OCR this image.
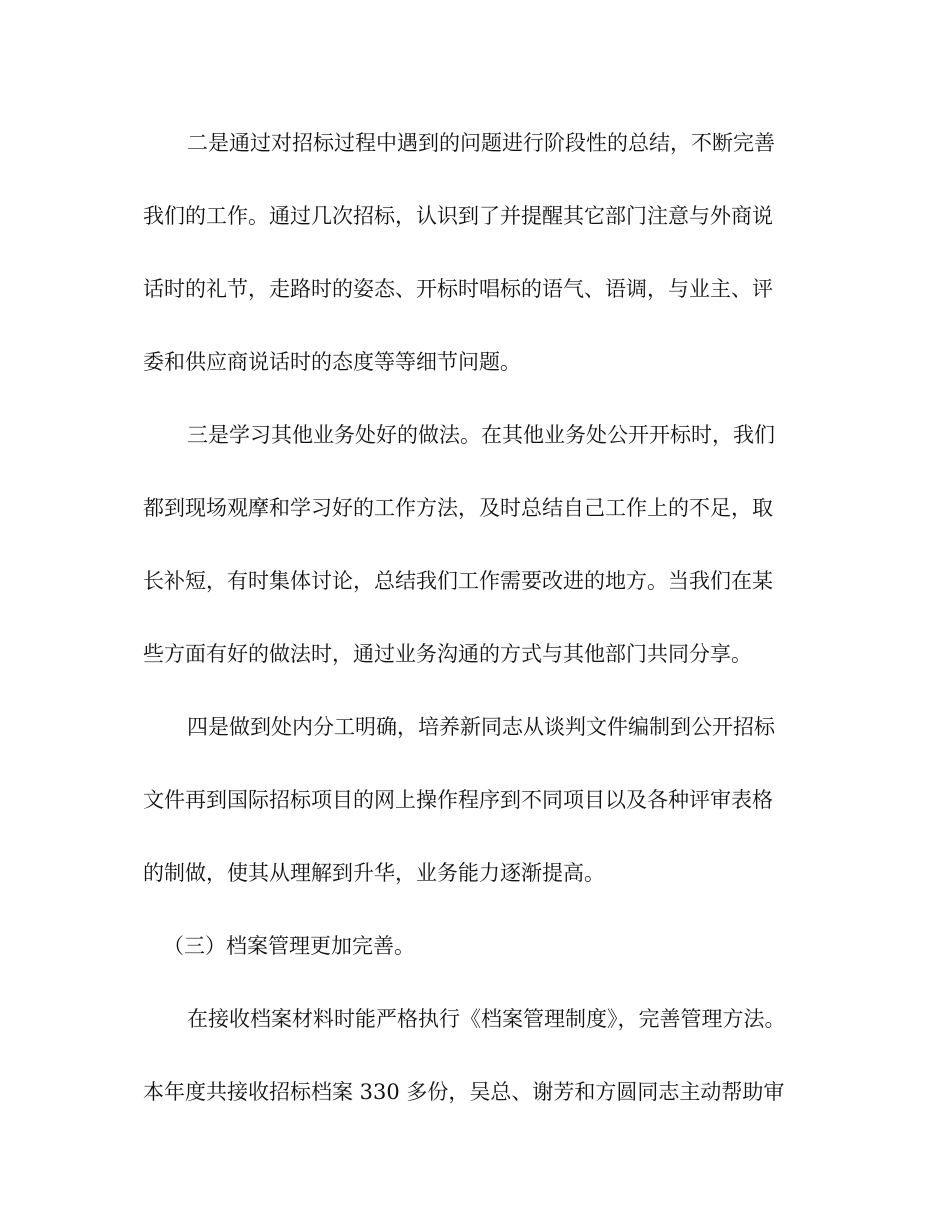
二是通过对招标过程中遇到的问题进行阶段性的总结，不断完善

我们的工作。通过几次招标，认识到了并提醒其它部门注意与外商说

话时的礼节，走路时的姿态、开标时唱标的语气、语调，与业主、评

委和供应商说话时的态度等等细节问题。

三是学习其他业务处好的做法。在其他业务处公开开标时，我们

都到现场观摩和学习好的工作方法，及时总结自己工作上的不足，取

长补短，有时集体讨论，总结我们工作需要改进的地方。当我们在某

些方面有好的做法时，通过业务沟通的方式与其他部门共同分享。

四是做到处内分工明确，培养新同志从谈判文件编制到公开招标

文件再到国际招标项目的网上操作程序到不同项目以及各种评审表格

的制做，使其从理解到升华，业务能力逐渐提高。

（三）档案管理更加完善。

在接收档案材料时能严格执行《档案管理制度》，完善管理方法。

本年度共接收招标档案 330 多份，吴总、谢芳和方圆同志主动帮助审
